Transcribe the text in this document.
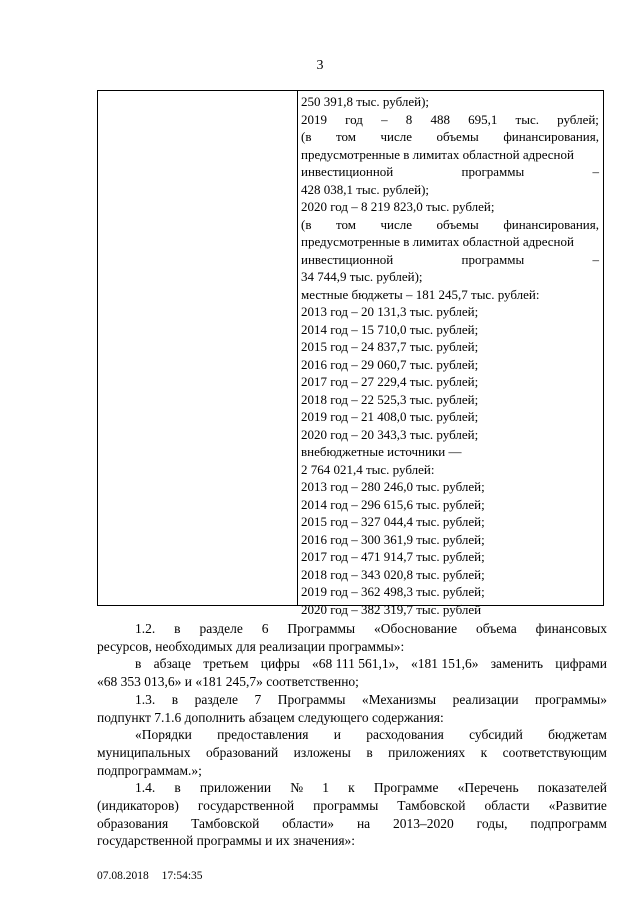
3
250 391,8 тыс. рублей);
2019 год – 8 488 695,1 тыс. рублей;
(в том числе объемы финансирования,
предусмотренные в лимитах областной адресной
инвестиционной	программы	–
428 038,1 тыс. рублей);
2020 год – 8 219 823,0 тыс. рублей;
(в том числе объемы финансирования,
предусмотренные в лимитах областной адресной
инвестиционной	программы	–
34 744,9 тыс. рублей);
местные бюджеты – 181 245,7 тыс. рублей:
2013 год – 20 131,3 тыс. рублей;
2014 год – 15 710,0 тыс. рублей;
2015 год – 24 837,7 тыс. рублей;
2016 год – 29 060,7 тыс. рублей;
2017 год – 27 229,4 тыс. рублей;
2018 год – 22 525,3 тыс. рублей;
2019 год – 21 408,0 тыс. рублей;
2020 год – 20 343,3 тыс. рублей;
внебюджетные источники —
2 764 021,4 тыс. рублей:
2013 год – 280 246,0 тыс. рублей;
2014 год – 296 615,6 тыс. рублей;
2015 год – 327 044,4 тыс. рублей;
2016 год – 300 361,9 тыс. рублей;
2017 год – 471 914,7 тыс. рублей;
2018 год – 343 020,8 тыс. рублей;
2019 год – 362 498,3 тыс. рублей;
2020 год – 382 319,7 тыс. рублей
1.2. в разделе 6 Программы «Обоснование объема финансовых
ресурсов, необходимых для реализации программы»:
в абзаце третьем цифры «68 111 561,1», «181 151,6» заменить цифрами
«68 353 013,6» и «181 245,7» соответственно;
1.3. в разделе 7 Программы «Механизмы реализации программы»
подпункт 7.1.6 дополнить абзацем следующего содержания:
«Порядки предоставления и расходования субсидий бюджетам
муниципальных образований изложены в приложениях к соответствующим
подпрограммам.»;
1.4. в приложении № 1 к Программе «Перечень показателей
(индикаторов) государственной программы Тамбовской области «Развитие
образования Тамбовской области» на 2013–2020 годы, подпрограмм
государственной программы и их значения»:
07.08.2018 17:54:35
